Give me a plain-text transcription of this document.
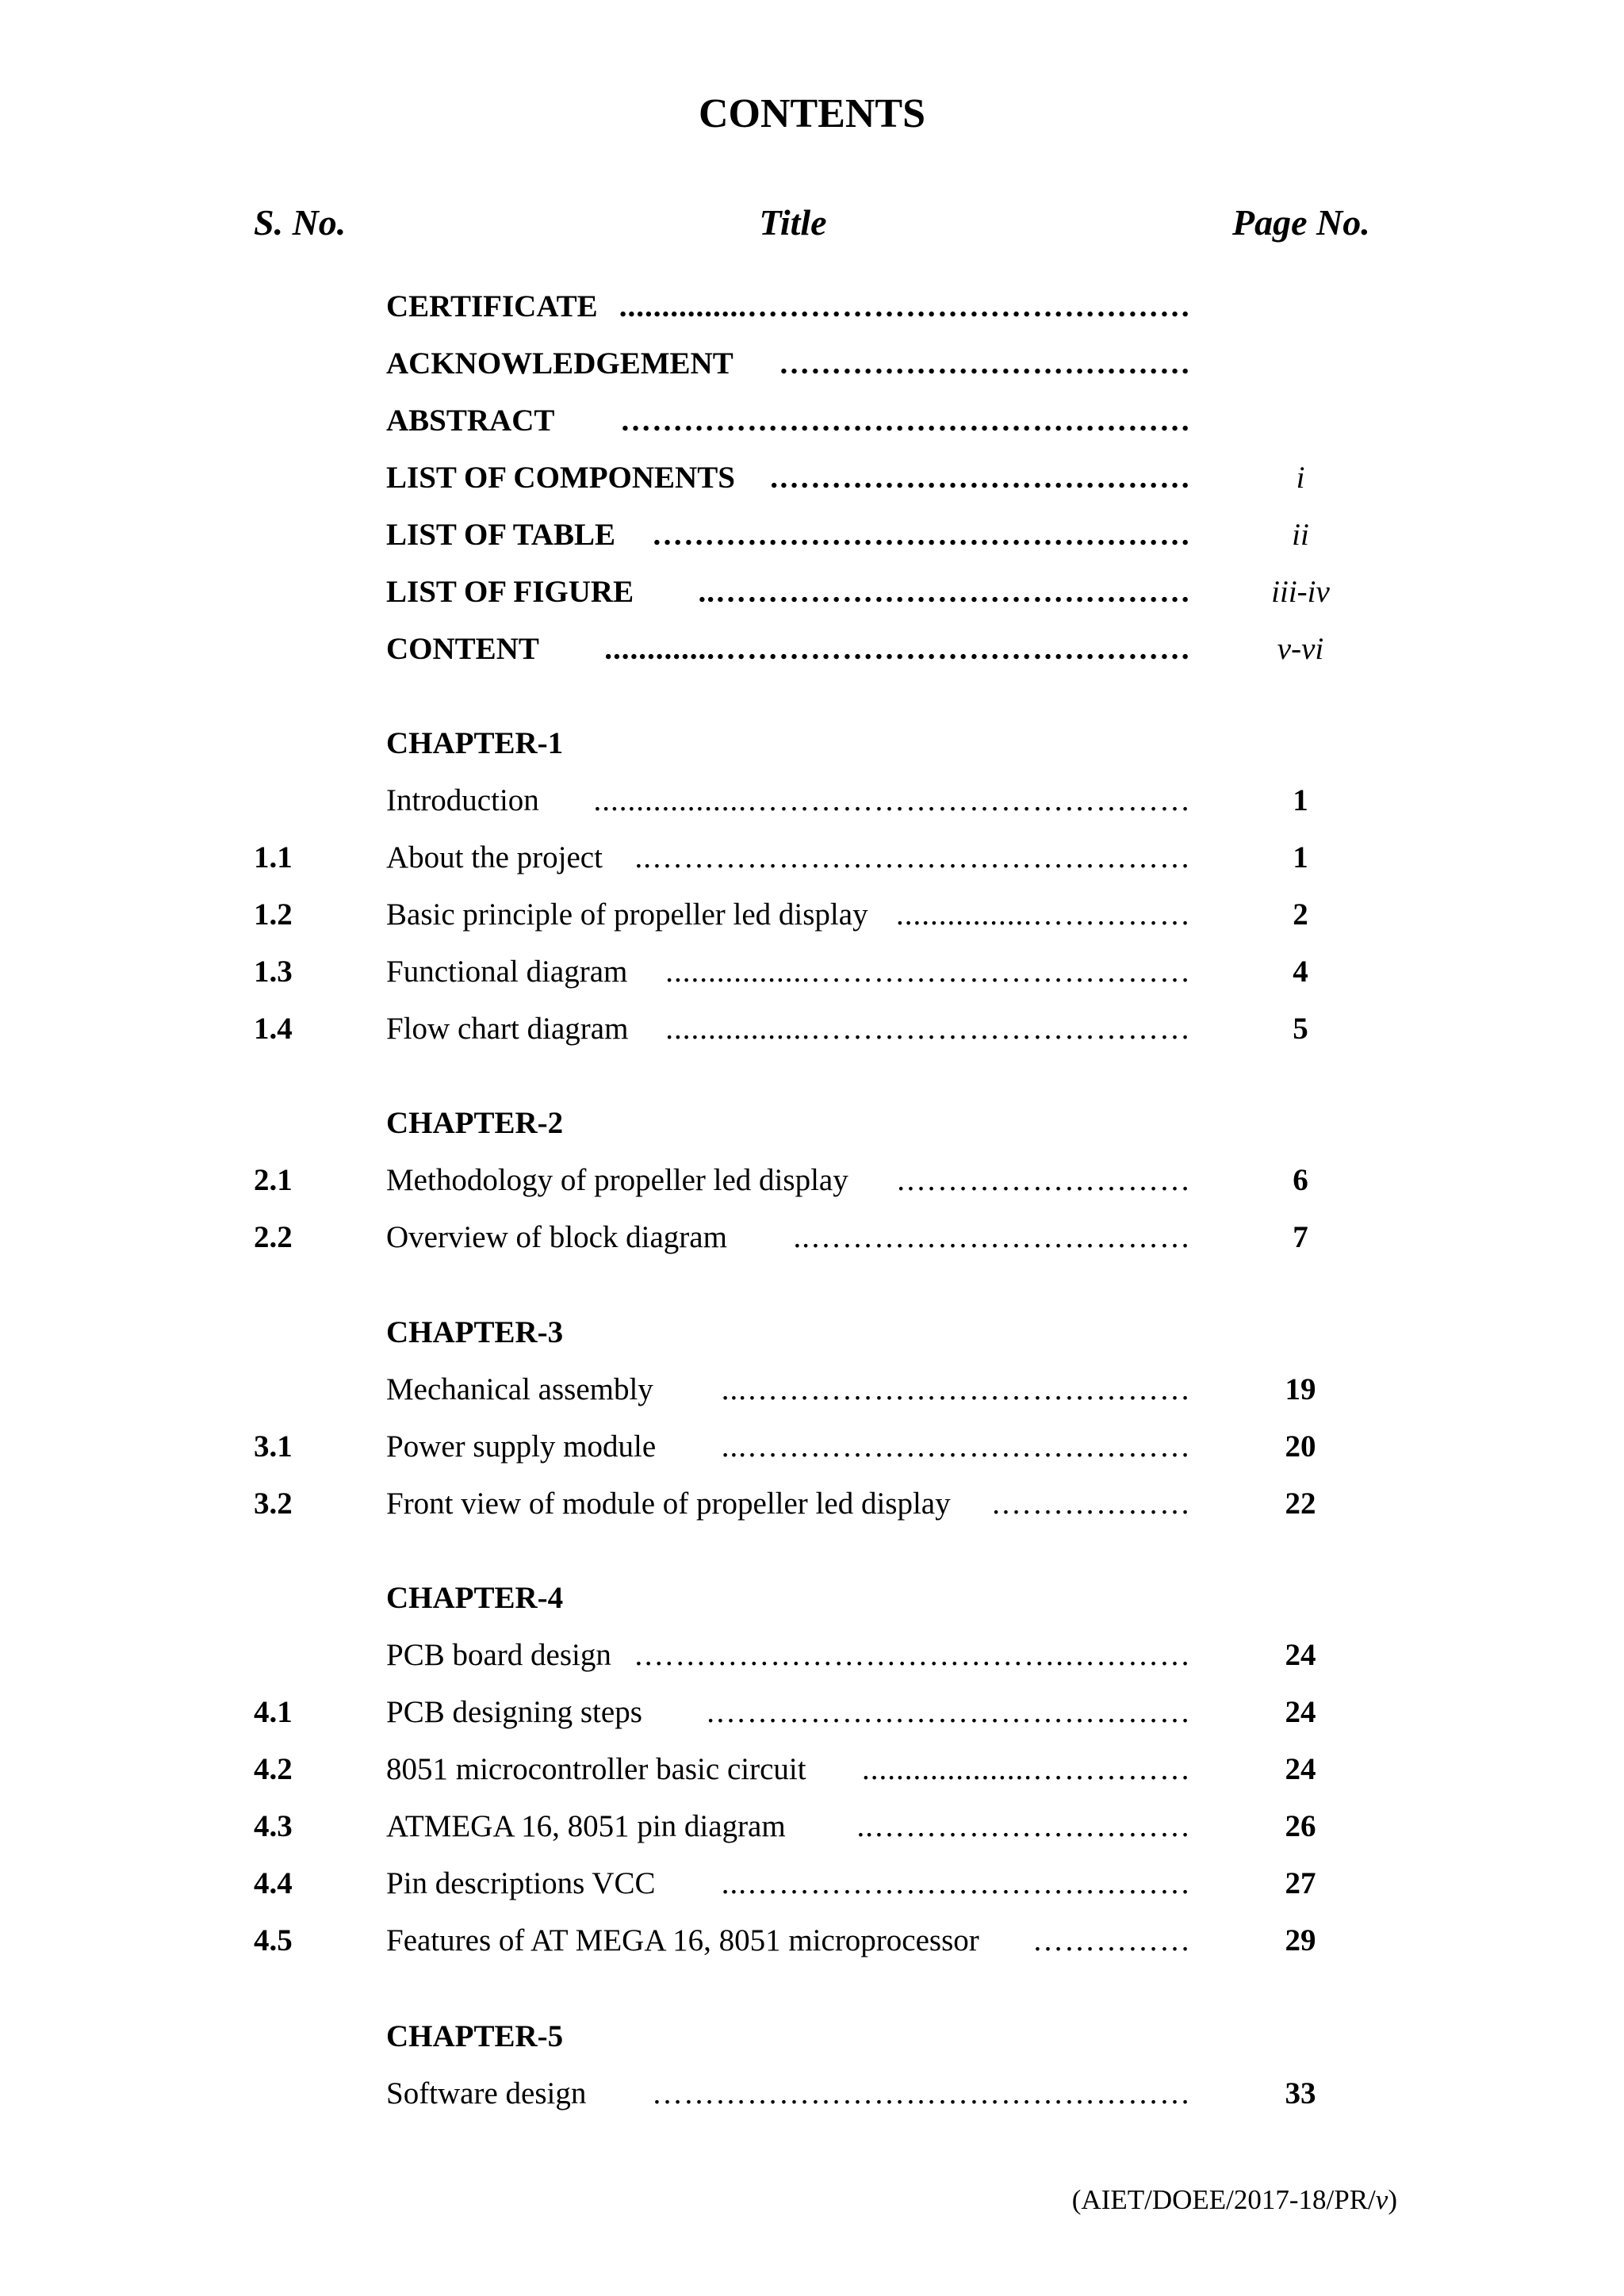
CONTENTS
S. No.	Title	Page No.
CERTIFICATE ……………………………………...............
ACKNOWLEDGEMENT	…………………………………
ABSTRACT	………………………………………………
LIST OF COMPONENTS	………………………………….	i
LIST OF TABLE	……………………………………………	ii
LIST OF FIGURE	………………………………………..	iii-iv
CONTENT	……………………………………….............	v-vi
CHAPTER-1
Introduction	……………………………………..................	1
1.1	About the project	……………………………………………..	1
1.2	Basic principle of propeller led display ……………................	2
1.3	Functional diagram	……………………………….................	4
1.4	Flow chart diagram	……………………………….................	5
CHAPTER-2
2.1	Methodology of propeller led display	……………………….	6
2.2	Overview of block diagram	………………………………..	7
CHAPTER-3
Mechanical assembly	……………………………………...	19
3.1	Power supply module	……………………………………...	20
3.2	Front view of module of propeller led display	……………….	22
CHAPTER-4
PCB board design ………….………………………………….	24
4.1	PCB designing steps	……………………………………….	24
4.2	8051 microcontroller basic circuit	……………....................	24
4.3	ATMEGA 16, 8051 pin diagram	…………………………..	26
4.4	Pin descriptions VCC	……………………………………...	27
4.5	Features of AT MEGA 16, 8051 microprocessor	……………	29
CHAPTER-5
Software design	……………………………………………	33
(AIET/DOEE/2017-18/PR/v)
